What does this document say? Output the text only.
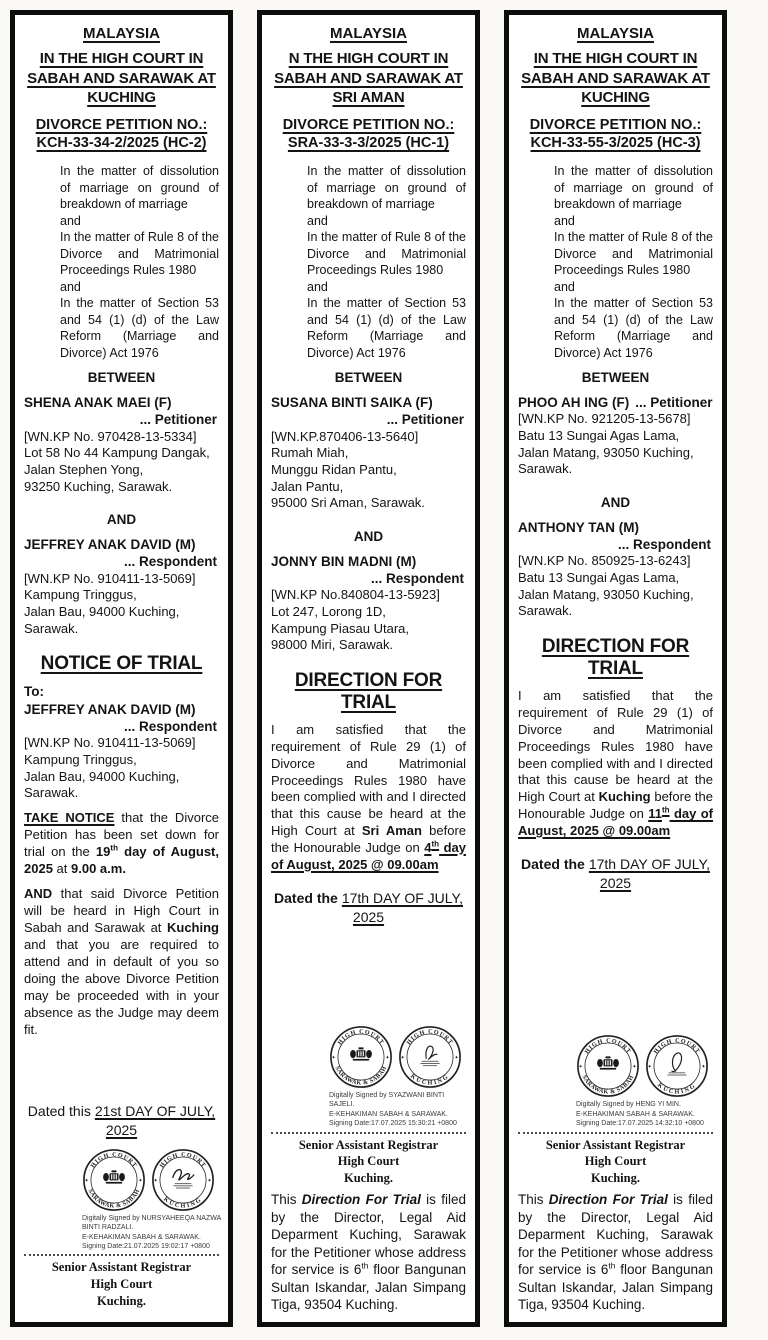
MALAYSIA
IN THE HIGH COURT IN SABAH AND SARAWAK AT KUCHING
DIVORCE PETITION NO.:
KCH-33-34-2/2025 (HC-2)
In the matter of dissolution of marriage on ground of breakdown of marriage
and
In the matter of Rule 8 of the Divorce and Matrimonial Proceedings Rules 1980
and
In the matter of Section 53 and 54 (1) (d) of the Law Reform (Marriage and Divorce) Act 1976
BETWEEN
SHENA ANAK MAEI (F)
... Petitioner
[WN.KP No. 970428-13-5334]
Lot 58 No 44 Kampung Dangak,
Jalan Stephen Yong,
93250 Kuching, Sarawak.
AND
JEFFREY ANAK DAVID (M)
... Respondent
[WN.KP No. 910411-13-5069]
Kampung Tringgus,
Jalan Bau, 94000 Kuching,
Sarawak.
NOTICE OF TRIAL
To:
JEFFREY ANAK DAVID (M)
... Respondent
[WN.KP No. 910411-13-5069]
Kampung Tringgus,
Jalan Bau, 94000 Kuching,
Sarawak.
TAKE NOTICE that the Divorce Petition has been set down for trial on the 19th day of August, 2025 at 9.00 a.m.
AND that said Divorce Petition will be heard in High Court in Sabah and Sarawak at Kuching and that you are required to attend and in default of you so doing the above Divorce Petition may be proceeded with in your absence as the Judge may deem fit.
Dated this 21st DAY OF JULY, 2025
HIGH COURT
SARAWAK & SABAH
✦	✦
HIGH COURT
KUCHING
✦	✦
Digitally Signed by NURSYAHEEQA NAZWA BINTI RADZALI.
E-KEHAKIMAN SABAH & SARAWAK.
Signing Date:21.07.2025 19:02:17 +0800
Senior Assistant Registrar
High Court
Kuching.
MALAYSIA
N THE HIGH COURT IN SABAH AND SARAWAK AT SRI AMAN
DIVORCE PETITION NO.:
SRA-33-3-3/2025 (HC-1)
In the matter of dissolution of marriage on ground of breakdown of marriage
and
In the matter of Rule 8 of the Divorce and Matrimonial Proceedings Rules 1980
and
In the matter of Section 53 and 54 (1) (d) of the Law Reform (Marriage and Divorce) Act 1976
BETWEEN
SUSANA BINTI SAIKA (F)
... Petitioner
[WN.KP.870406-13-5640]
Rumah Miah,
Munggu Ridan Pantu,
Jalan Pantu,
95000 Sri Aman, Sarawak.
AND
JONNY BIN MADNI (M)
... Respondent
[WN.KP No.840804-13-5923]
Lot 247, Lorong 1D,
Kampung Piasau Utara,
98000 Miri, Sarawak.
DIRECTION FOR TRIAL
I am satisfied that the requirement of Rule 29 (1) of Divorce and Matrimonial Proceedings Rules 1980 have been complied with and I directed that this cause be heard at the High Court at Sri Aman before the Honourable Judge on 4th day of August, 2025 @ 09.00am
Dated the 17th DAY OF JULY, 2025
HIGH COURT
SARAWAK & SABAH
✦	✦
HIGH COURT
KUCHING
✦	✦
Digitally Signed by SYAZWANI BINTI SAJELI.
E-KEHAKIMAN SABAH & SARAWAK.
Signing Date:17.07.2025 15:30:21 +0800
Senior Assistant Registrar
High Court
Kuching.
This Direction For Trial is filed by the Director, Legal Aid Deparment Kuching, Sarawak for the Petitioner whose address for service is 6th floor Bangunan Sultan Iskandar, Jalan Simpang Tiga, 93504 Kuching.
MALAYSIA
IN THE HIGH COURT IN SABAH AND SARAWAK AT KUCHING
DIVORCE PETITION NO.:
KCH-33-55-3/2025 (HC-3)
In the matter of dissolution of marriage on ground of breakdown of marriage
and
In the matter of Rule 8 of the Divorce and Matrimonial Proceedings Rules 1980
and
In the matter of Section 53 and 54 (1) (d) of the Law Reform (Marriage and Divorce) Act 1976
BETWEEN
PHOO AH ING (F) ... Petitioner
[WN.KP No. 921205-13-5678]
Batu 13 Sungai Agas Lama,
Jalan Matang, 93050 Kuching,
Sarawak.
AND
ANTHONY TAN (M)
... Respondent
[WN.KP No. 850925-13-6243]
Batu 13 Sungai Agas Lama,
Jalan Matang, 93050 Kuching,
Sarawak.
DIRECTION FOR TRIAL
I am satisfied that the requirement of Rule 29 (1) of Divorce and Matrimonial Proceedings Rules 1980 have been complied with and I directed that this cause be heard at the High Court at Kuching before the Honourable Judge on 11th day of August, 2025 @ 09.00am
Dated the 17th DAY OF JULY, 2025
HIGH COURT
SARAWAK & SABAH
✦	✦
HIGH COURT
KUCHING
✦	✦
Digitally Signed by HENG YI MIN.
E-KEHAKIMAN SABAH & SARAWAK.
Signing Date:17.07.2025 14:32:10 +0800
Senior Assistant Registrar
High Court
Kuching.
This Direction For Trial is filed by the Director, Legal Aid Deparment Kuching, Sarawak for the Petitioner whose address for service is 6th floor Bangunan Sultan Iskandar, Jalan Simpang Tiga, 93504 Kuching.
